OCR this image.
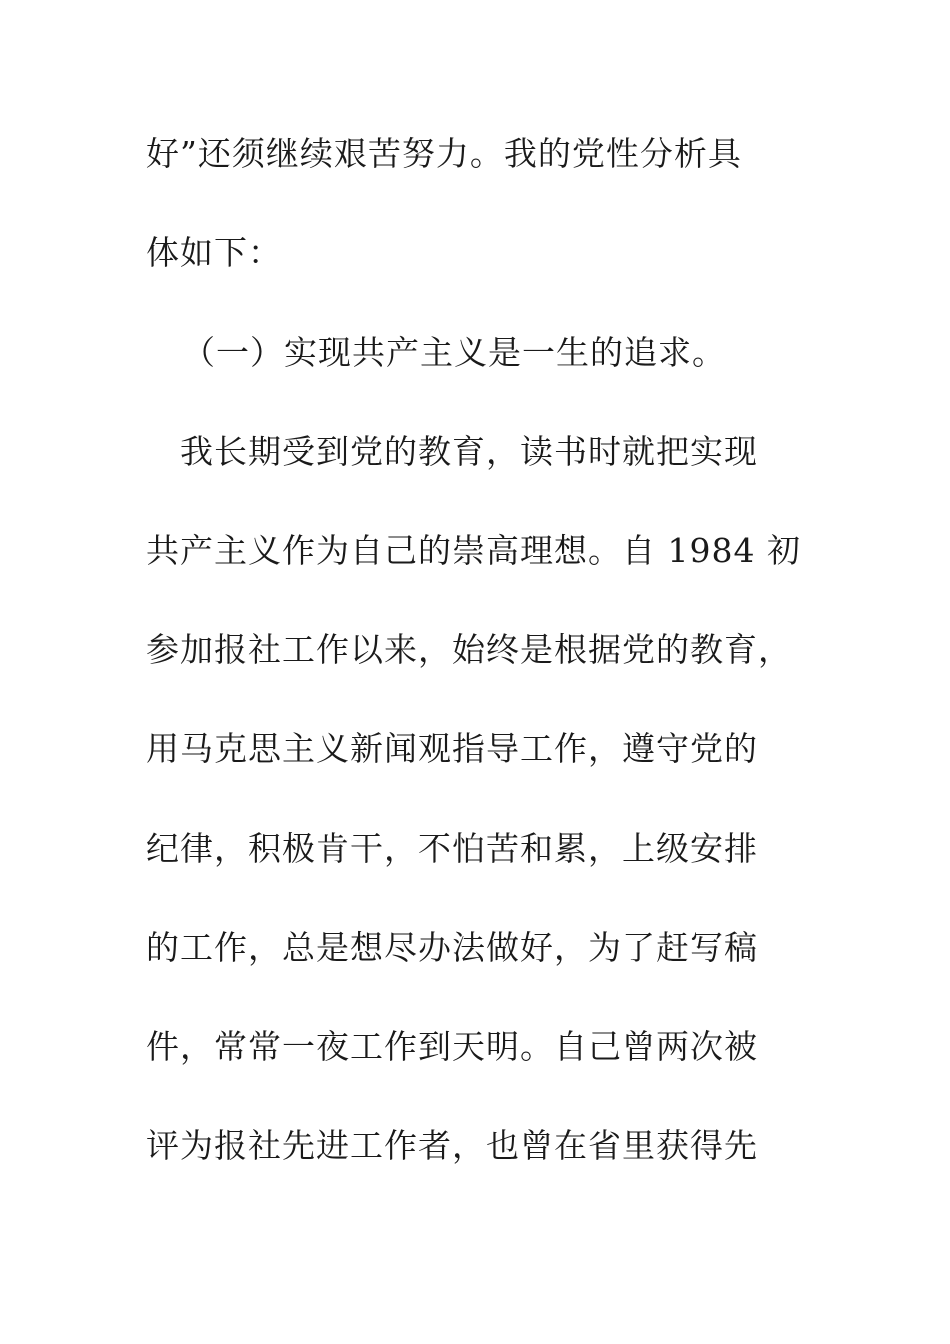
好”还须继续艰苦努力。我的党性分析具
体如下：
（一）实现共产主义是一生的追求。
我长期受到党的教育，读书时就把实现
共产主义作为自己的崇高理想。自 1984 初
参加报社工作以来，始终是根据党的教育，
用马克思主义新闻观指导工作，遵守党的
纪律，积极肯干，不怕苦和累，上级安排
的工作，总是想尽办法做好，为了赶写稿
件，常常一夜工作到天明。自己曾两次被
评为报社先进工作者，也曾在省里获得先
